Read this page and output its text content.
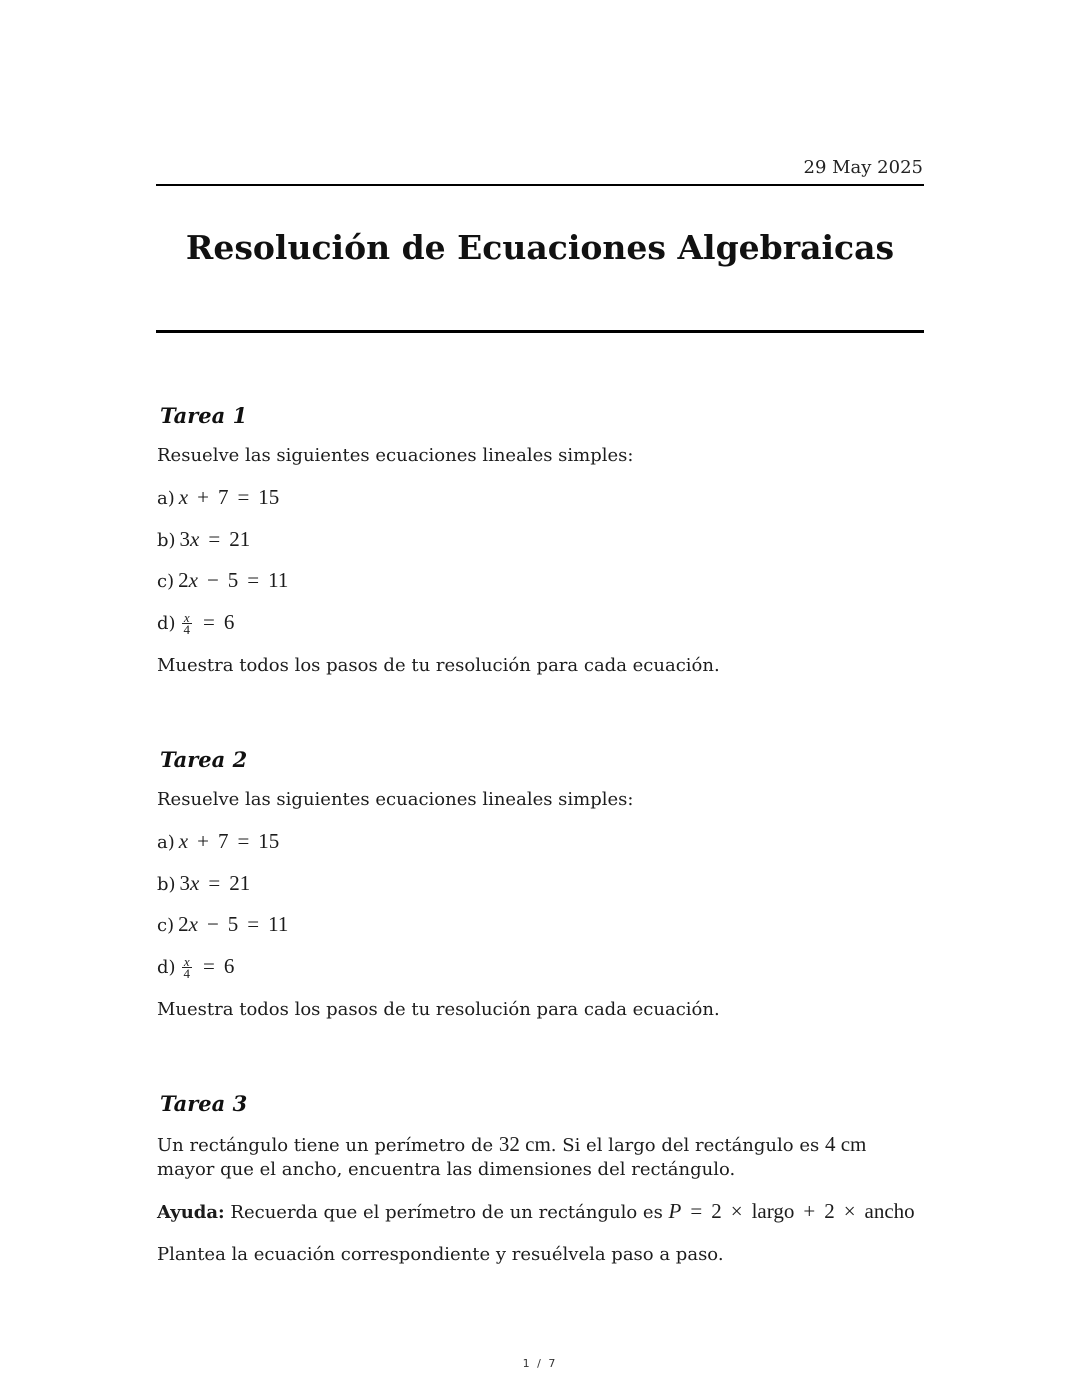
29 May 2025
Resolución de Ecuaciones Algebraicas
Tarea 1

Resuelve las siguientes ecuaciones lineales simples:

a) x + 7 = 15
b) 3x = 21
c) 2x − 5 = 11
$d) \frac{x}{4} = 6$

Muestra todos los pasos de tu resolución para cada ecuación.

Tarea 2

Resuelve las siguientes ecuaciones lineales simples:

a) x + 7 = 15
b) 3x = 21
c) 2x − 5 = 11
$d) \frac{x}{4} = 6$

Muestra todos los pasos de tu resolución para cada ecuación.

Tarea 3

Un rectángulo tiene un perímetro de 32 cm. Si el largo del rectángulo es 4 cm mayor que el ancho, encuentra las dimensiones del rectángulo.

Ayuda: Recuerda que el perímetro de un rectángulo es P = 2 × largo + 2 × ancho

Plantea la ecuación correspondiente y resuélvela paso a paso.

1 / 7
